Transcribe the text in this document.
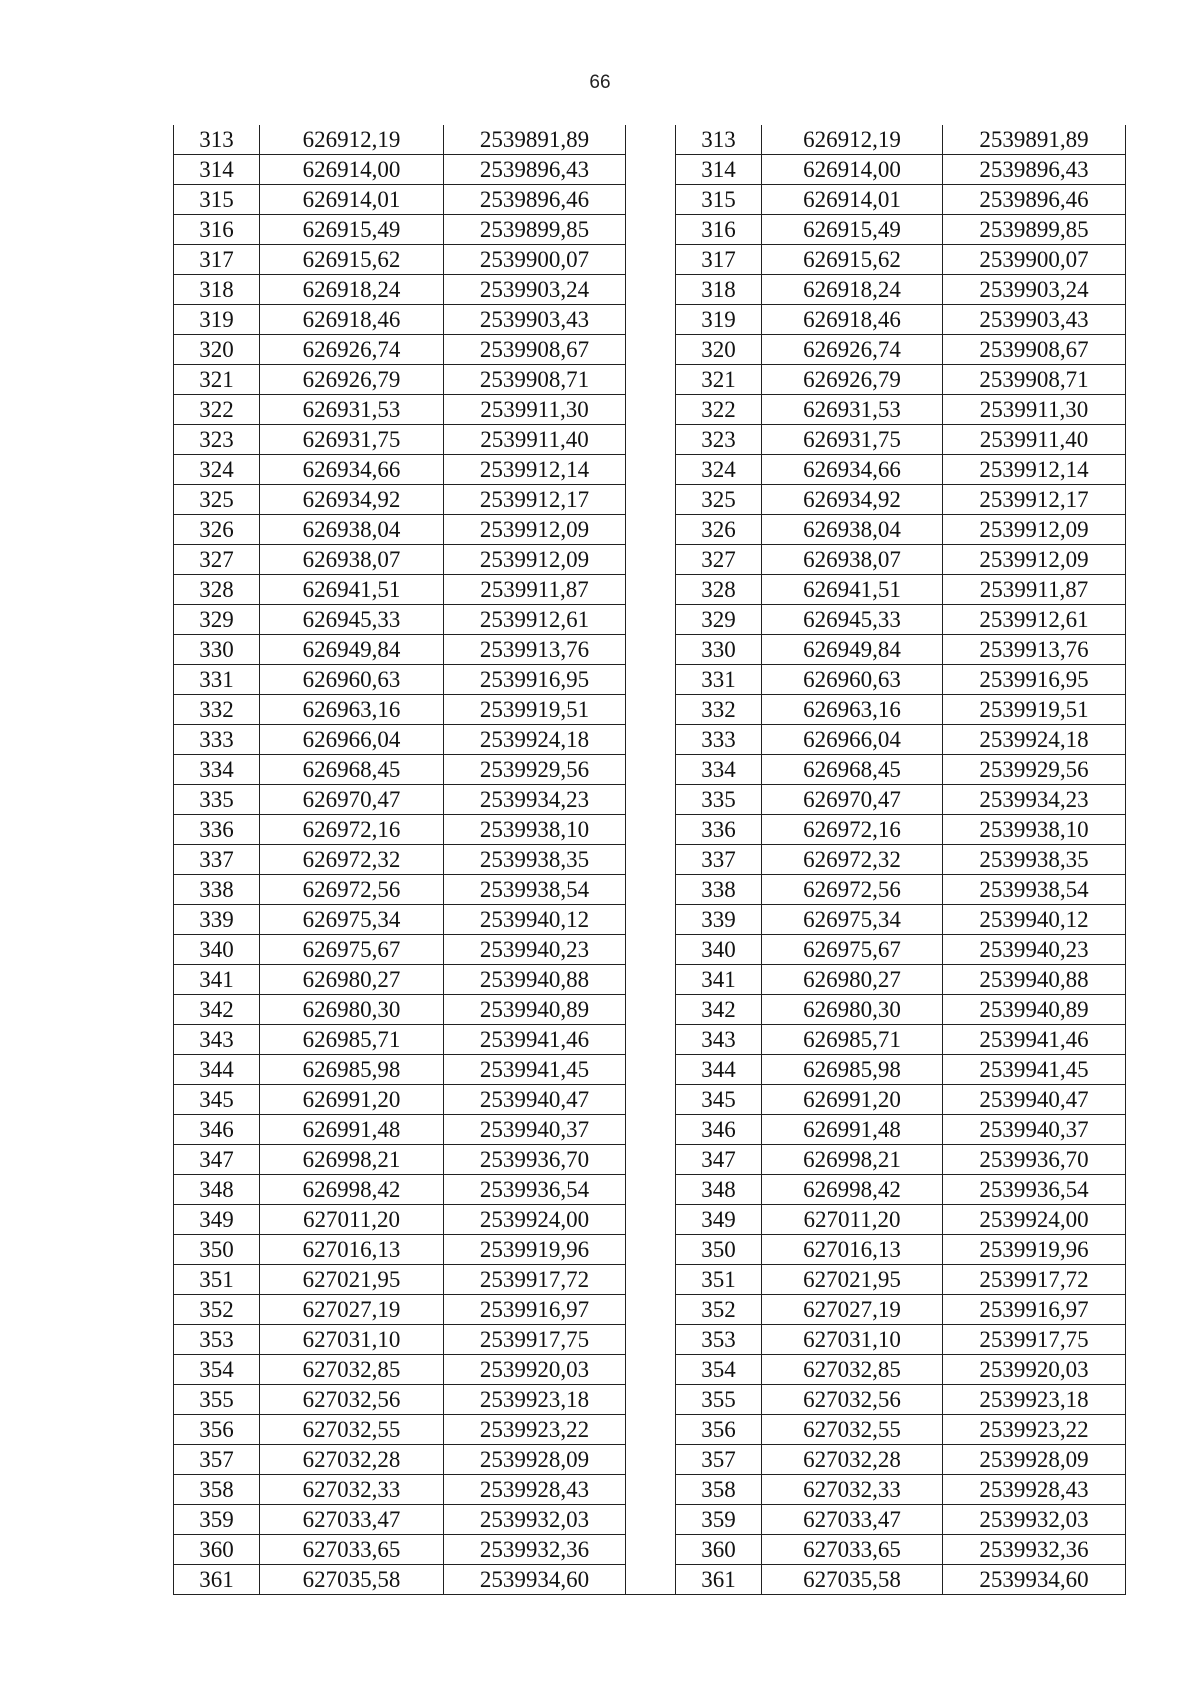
66
313	626912,19	2539891,89		313	626912,19	2539891,89
314	626914,00	2539896,43		314	626914,00	2539896,43
315	626914,01	2539896,46		315	626914,01	2539896,46
316	626915,49	2539899,85		316	626915,49	2539899,85
317	626915,62	2539900,07		317	626915,62	2539900,07
318	626918,24	2539903,24		318	626918,24	2539903,24
319	626918,46	2539903,43		319	626918,46	2539903,43
320	626926,74	2539908,67		320	626926,74	2539908,67
321	626926,79	2539908,71		321	626926,79	2539908,71
322	626931,53	2539911,30		322	626931,53	2539911,30
323	626931,75	2539911,40		323	626931,75	2539911,40
324	626934,66	2539912,14		324	626934,66	2539912,14
325	626934,92	2539912,17		325	626934,92	2539912,17
326	626938,04	2539912,09		326	626938,04	2539912,09
327	626938,07	2539912,09		327	626938,07	2539912,09
328	626941,51	2539911,87		328	626941,51	2539911,87
329	626945,33	2539912,61		329	626945,33	2539912,61
330	626949,84	2539913,76		330	626949,84	2539913,76
331	626960,63	2539916,95		331	626960,63	2539916,95
332	626963,16	2539919,51		332	626963,16	2539919,51
333	626966,04	2539924,18		333	626966,04	2539924,18
334	626968,45	2539929,56		334	626968,45	2539929,56
335	626970,47	2539934,23		335	626970,47	2539934,23
336	626972,16	2539938,10		336	626972,16	2539938,10
337	626972,32	2539938,35		337	626972,32	2539938,35
338	626972,56	2539938,54		338	626972,56	2539938,54
339	626975,34	2539940,12		339	626975,34	2539940,12
340	626975,67	2539940,23		340	626975,67	2539940,23
341	626980,27	2539940,88		341	626980,27	2539940,88
342	626980,30	2539940,89		342	626980,30	2539940,89
343	626985,71	2539941,46		343	626985,71	2539941,46
344	626985,98	2539941,45		344	626985,98	2539941,45
345	626991,20	2539940,47		345	626991,20	2539940,47
346	626991,48	2539940,37		346	626991,48	2539940,37
347	626998,21	2539936,70		347	626998,21	2539936,70
348	626998,42	2539936,54		348	626998,42	2539936,54
349	627011,20	2539924,00		349	627011,20	2539924,00
350	627016,13	2539919,96		350	627016,13	2539919,96
351	627021,95	2539917,72		351	627021,95	2539917,72
352	627027,19	2539916,97		352	627027,19	2539916,97
353	627031,10	2539917,75		353	627031,10	2539917,75
354	627032,85	2539920,03		354	627032,85	2539920,03
355	627032,56	2539923,18		355	627032,56	2539923,18
356	627032,55	2539923,22		356	627032,55	2539923,22
357	627032,28	2539928,09		357	627032,28	2539928,09
358	627032,33	2539928,43		358	627032,33	2539928,43
359	627033,47	2539932,03		359	627033,47	2539932,03
360	627033,65	2539932,36		360	627033,65	2539932,36
361	627035,58	2539934,60		361	627035,58	2539934,60
